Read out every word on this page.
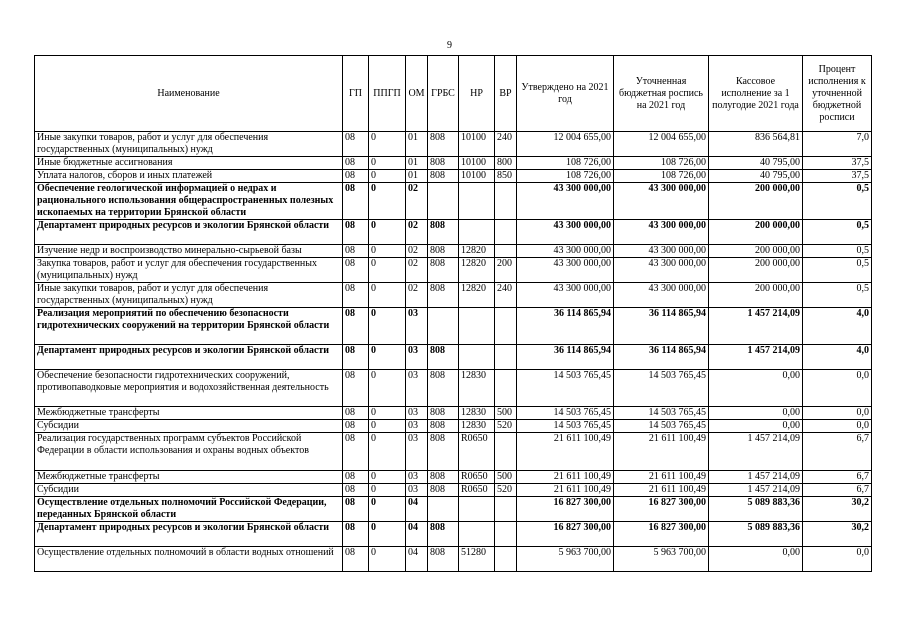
9
Наименование	ГП	ППГП	ОМ	ГРБС	НР	ВР	Утверждено на 2021 год	Уточненная бюджетная роспись на 2021 год	Кассовое исполнение за 1 полугодие 2021 года	Процент исполнения к уточненной бюджетной росписи
Иные закупки товаров, работ и услуг для обеспечения государственных (муниципальных) нужд	08	0	01	808	10100	240	12 004 655,00	12 004 655,00	836 564,81	7,0
Иные бюджетные ассигнования	08	0	01	808	10100	800	108 726,00	108 726,00	40 795,00	37,5
Уплата налогов, сборов и иных платежей	08	0	01	808	10100	850	108 726,00	108 726,00	40 795,00	37,5
Обеспечение геологической информацией о недрах и рационального использования общераспространенных полезных ископаемых на территории Брянской области	08	0	02				43 300 000,00	43 300 000,00	200 000,00	0,5
Департамент природных ресурсов и экологии Брянской области	08	0	02	808			43 300 000,00	43 300 000,00	200 000,00	0,5
Изучение недр и воспроизводство минерально-сырьевой базы	08	0	02	808	12820		43 300 000,00	43 300 000,00	200 000,00	0,5
Закупка товаров, работ и услуг для обеспечения государственных (муниципальных) нужд	08	0	02	808	12820	200	43 300 000,00	43 300 000,00	200 000,00	0,5
Иные закупки товаров, работ и услуг для обеспечения государственных (муниципальных) нужд	08	0	02	808	12820	240	43 300 000,00	43 300 000,00	200 000,00	0,5
Реализация мероприятий по обеспечению безопасности гидротехнических сооружений на территории Брянской области	08	0	03				36 114 865,94	36 114 865,94	1 457 214,09	4,0
Департамент природных ресурсов и экологии Брянской области	08	0	03	808			36 114 865,94	36 114 865,94	1 457 214,09	4,0
Обеспечение безопасности гидротехнических сооружений, противопаводковые мероприятия и водохозяйственная деятельность	08	0	03	808	12830		14 503 765,45	14 503 765,45	0,00	0,0
Межбюджетные трансферты	08	0	03	808	12830	500	14 503 765,45	14 503 765,45	0,00	0,0
Субсидии	08	0	03	808	12830	520	14 503 765,45	14 503 765,45	0,00	0,0
Реализация государственных программ субъектов Российской Федерации в области использования и охраны водных объектов	08	0	03	808	R0650		21 611 100,49	21 611 100,49	1 457 214,09	6,7
Межбюджетные трансферты	08	0	03	808	R0650	500	21 611 100,49	21 611 100,49	1 457 214,09	6,7
Субсидии	08	0	03	808	R0650	520	21 611 100,49	21 611 100,49	1 457 214,09	6,7
Осуществление отдельных полномочий Российской Федерации, переданных Брянской области	08	0	04				16 827 300,00	16 827 300,00	5 089 883,36	30,2
Департамент природных ресурсов и экологии Брянской области	08	0	04	808			16 827 300,00	16 827 300,00	5 089 883,36	30,2
Осуществление отдельных полномочий в области водных отношений	08	0	04	808	51280		5 963 700,00	5 963 700,00	0,00	0,0
